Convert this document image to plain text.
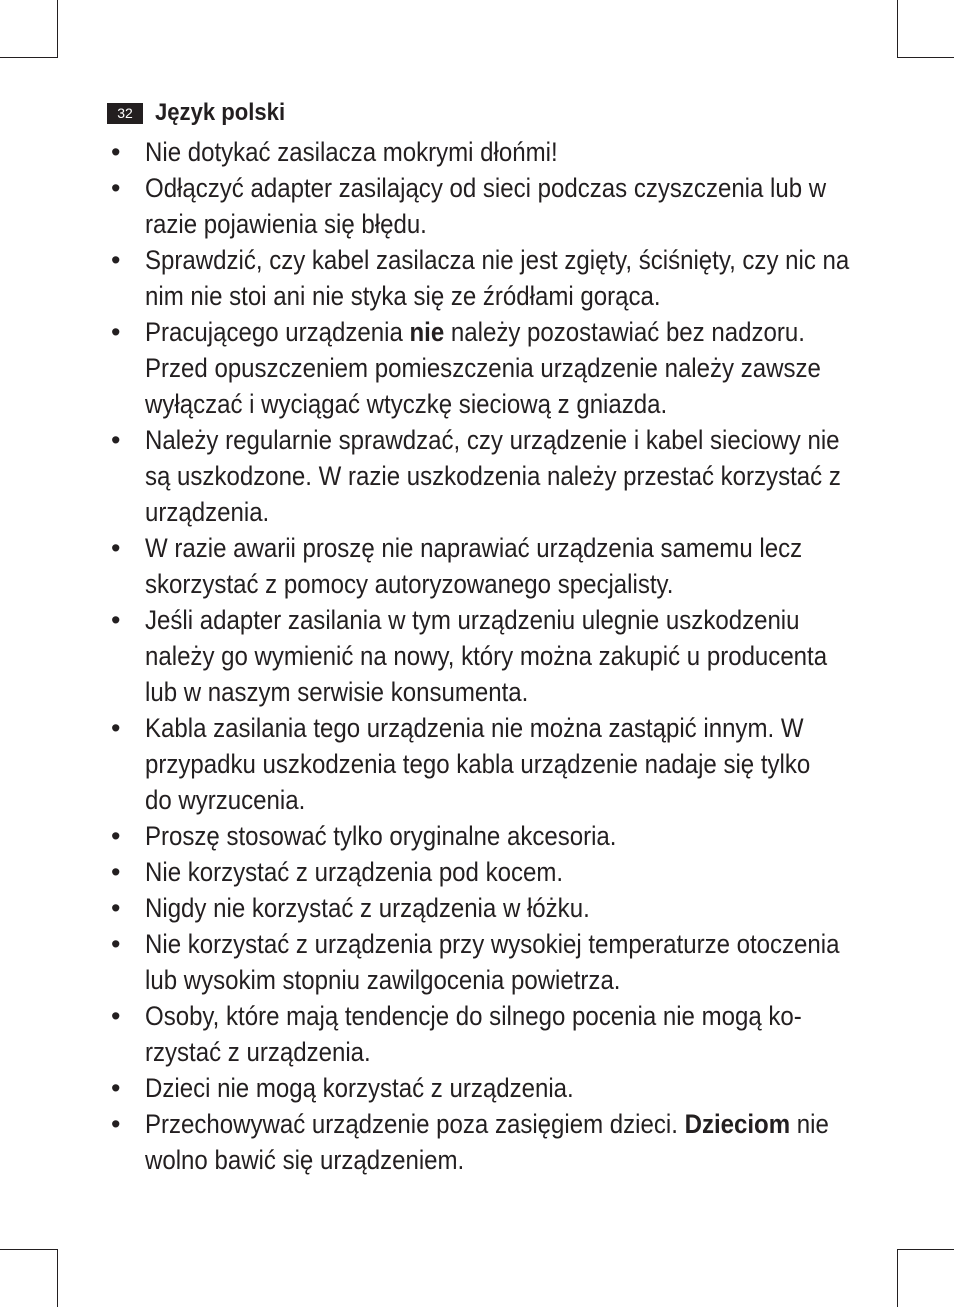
32 Język polski
• Nie dotykać zasilacza mokrymi dłońmi!
• Odłączyć adapter zasilający od sieci podczas czyszczenia lub w
razie pojawienia się błędu.
• Sprawdzić, czy kabel zasilacza nie jest zgięty, ściśnięty, czy nic na
nim nie stoi ani nie styka się ze źródłami gorąca.
• Pracującego urządzenia nie należy pozostawiać bez nadzoru.
Przed opuszczeniem pomieszczenia urządzenie należy zawsze
wyłączać i wyciągać wtyczkę sieciową z gniazda.
• Należy regularnie sprawdzać, czy urządzenie i kabel sieciowy nie
są uszkodzone. W razie uszkodzenia należy przestać korzystać z
urządzenia.
• W razie awarii proszę nie naprawiać urządzenia samemu lecz
skorzystać z pomocy autoryzowanego specjalisty.
• Jeśli adapter zasilania w tym urządzeniu ulegnie uszkodzeniu
należy go wymienić na nowy, który można zakupić u producenta
lub w naszym serwisie konsumenta.
• Kabla zasilania tego urządzenia nie można zastąpić innym. W
przypadku uszkodzenia tego kabla urządzenie nadaje się tylko
do wyrzucenia.
• Proszę stosować tylko oryginalne akcesoria.
• Nie korzystać z urządzenia pod kocem.
• Nigdy nie korzystać z urządzenia w łóżku.
• Nie korzystać z urządzenia przy wysokiej temperaturze otoczenia
lub wysokim stopniu zawilgocenia powietrza.
• Osoby, które mają tendencje do silnego pocenia nie mogą ko-
rzystać z urządzenia.
• Dzieci nie mogą korzystać z urządzenia.
• Przechowywać urządzenie poza zasięgiem dzieci. Dzieciom nie
wolno bawić się urządzeniem.
